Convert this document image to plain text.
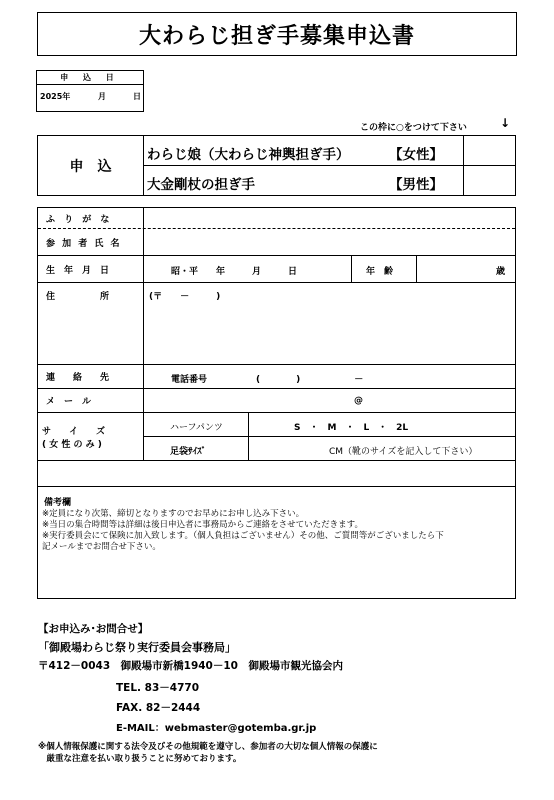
大わらじ担ぎ手募集申込書
申 込 日
2025年	月	日
この枠に○をつけて下さい	↓
申　込
わらじ娘（大わらじ神輿担ぎ手）	【女性】
大金剛杖の担ぎ手	【男性】
ふ り が な
参 加 者 氏 名
生　年　月　日	昭・平　　年　　　月　　　日	年　齢	歳
住　　　　　所	(〒　　－　　　)
連　　絡　　先	電話番号	(　　　　)　　　　　　－
メ　ー　ル	@
サ　　イ　　ズ
( 女 性 の み )
ハーフパンツ	S　・　M　・　L　・　2L
足袋ｻｲｽﾞ	CM（靴のサイズを記入して下さい）
備考欄
※定員になり次第、締切となりますのでお早めにお申し込み下さい。
※当日の集合時間等は詳細は後日申込者に事務局からご連絡をさせていただきます。
※実行委員会にて保険に加入致します。（個人負担はございません）その他、ご質問等がございましたら下
記メールまでお問合せ下さい。
【お申込み･お問合せ】
「御殿場わらじ祭り実行委員会事務局」
〒412－0043　御殿場市新橋1940－10　御殿場市観光協会内
TEL. 83－4770
FAX. 82－2444
E-MAIL：webmaster@gotemba.gr.jp
※個人情報保護に関する法令及びその他規範を遵守し、参加者の大切な個人情報の保護に
　厳重な注意を払い取り扱うことに努めております。
